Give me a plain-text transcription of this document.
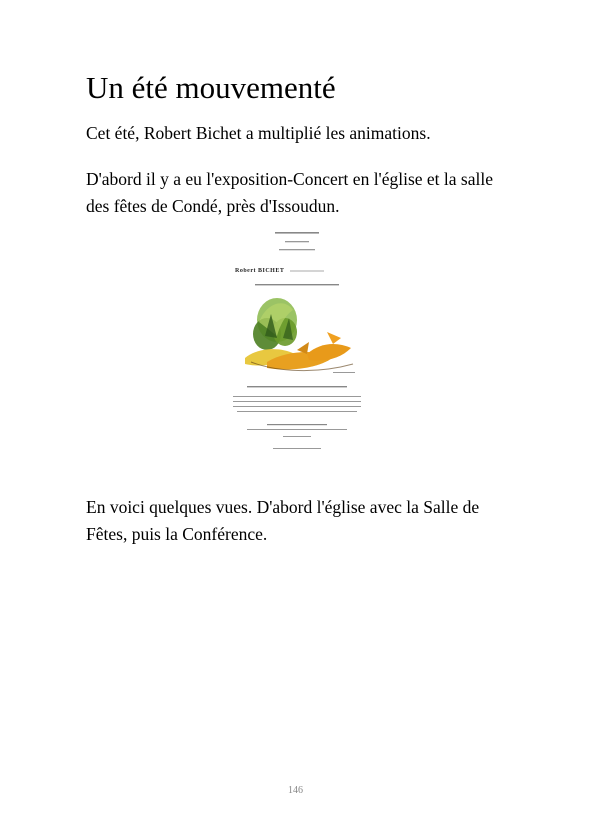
Un été mouvementé

Cet été, Robert Bichet a multiplié les animations.

D'abord il y a eu l'exposition-Concert en l'église et la salle des fêtes de Condé, près d'Issoudun.

Robert BICHET

En voici quelques vues. D'abord l'église avec la Salle de Fêtes, puis la Conférence.

146
